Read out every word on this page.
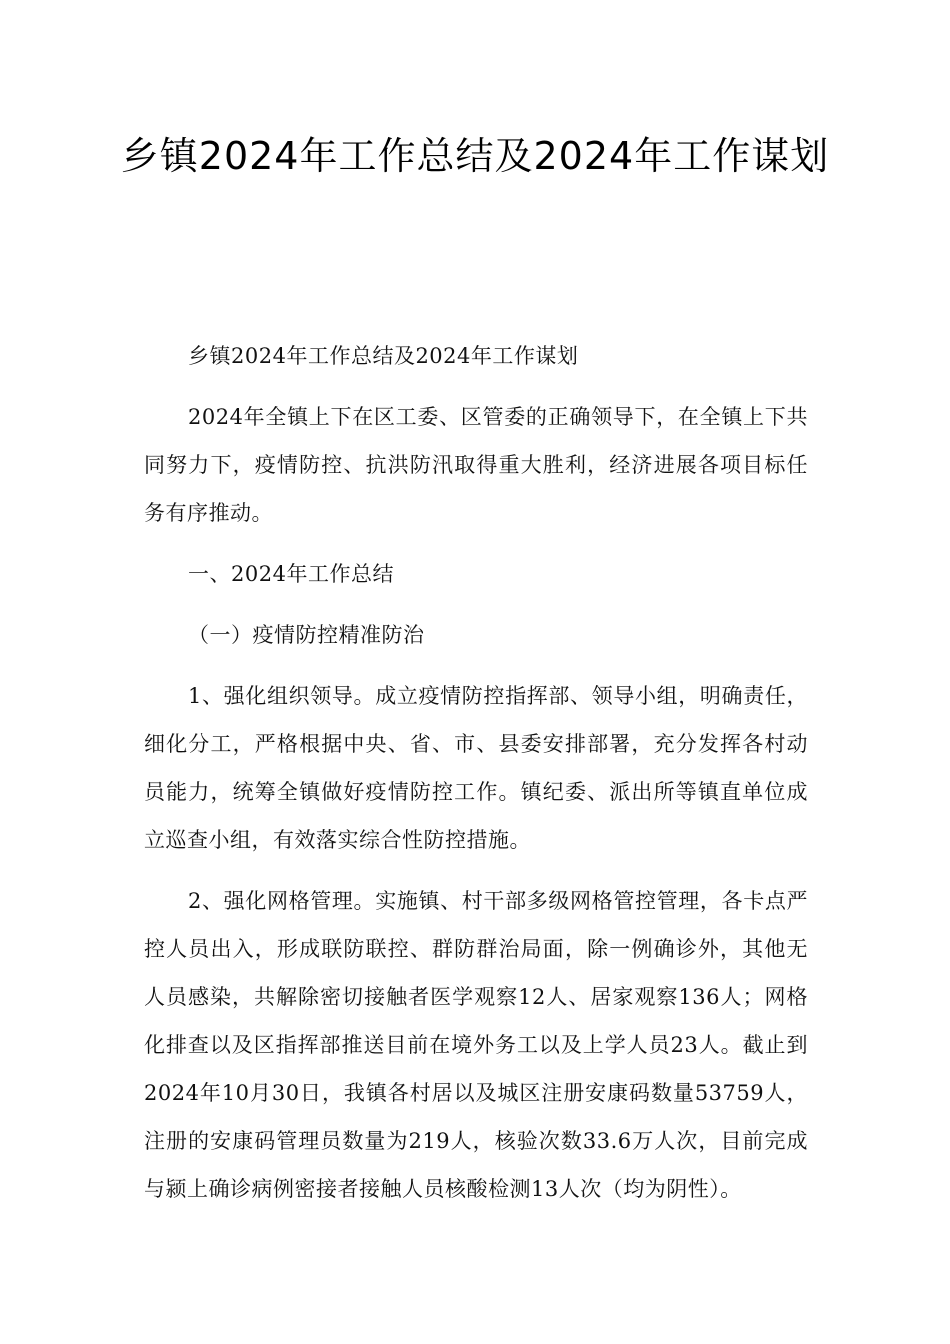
乡镇2024年工作总结及2024年工作谋划

乡镇2024年工作总结及2024年工作谋划

2024年全镇上下在区工委、区管委的正确领导下，在全镇上下共同努力下，疫情防控、抗洪防汛取得重大胜利，经济进展各项目标任务有序推动。

一、2024年工作总结

（一）疫情防控精准防治

1、强化组织领导。成立疫情防控指挥部、领导小组，明确责任，细化分工，严格根据中央、省、市、县委安排部署，充分发挥各村动员能力，统筹全镇做好疫情防控工作。镇纪委、派出所等镇直单位成立巡查小组，有效落实综合性防控措施。

2、强化网格管理。实施镇、村干部多级网格管控管理，各卡点严控人员出入，形成联防联控、群防群治局面，除一例确诊外，其他无人员感染，共解除密切接触者医学观察12人、居家观察136人；网格化排查以及区指挥部推送目前在境外务工以及上学人员23人。截止到2024年10月30日，我镇各村居以及城区注册安康码数量53759人，注册的安康码管理员数量为219人，核验次数33.6万人次，目前完成与颍上确诊病例密接者接触人员核酸检测13人次（均为阴性）。
